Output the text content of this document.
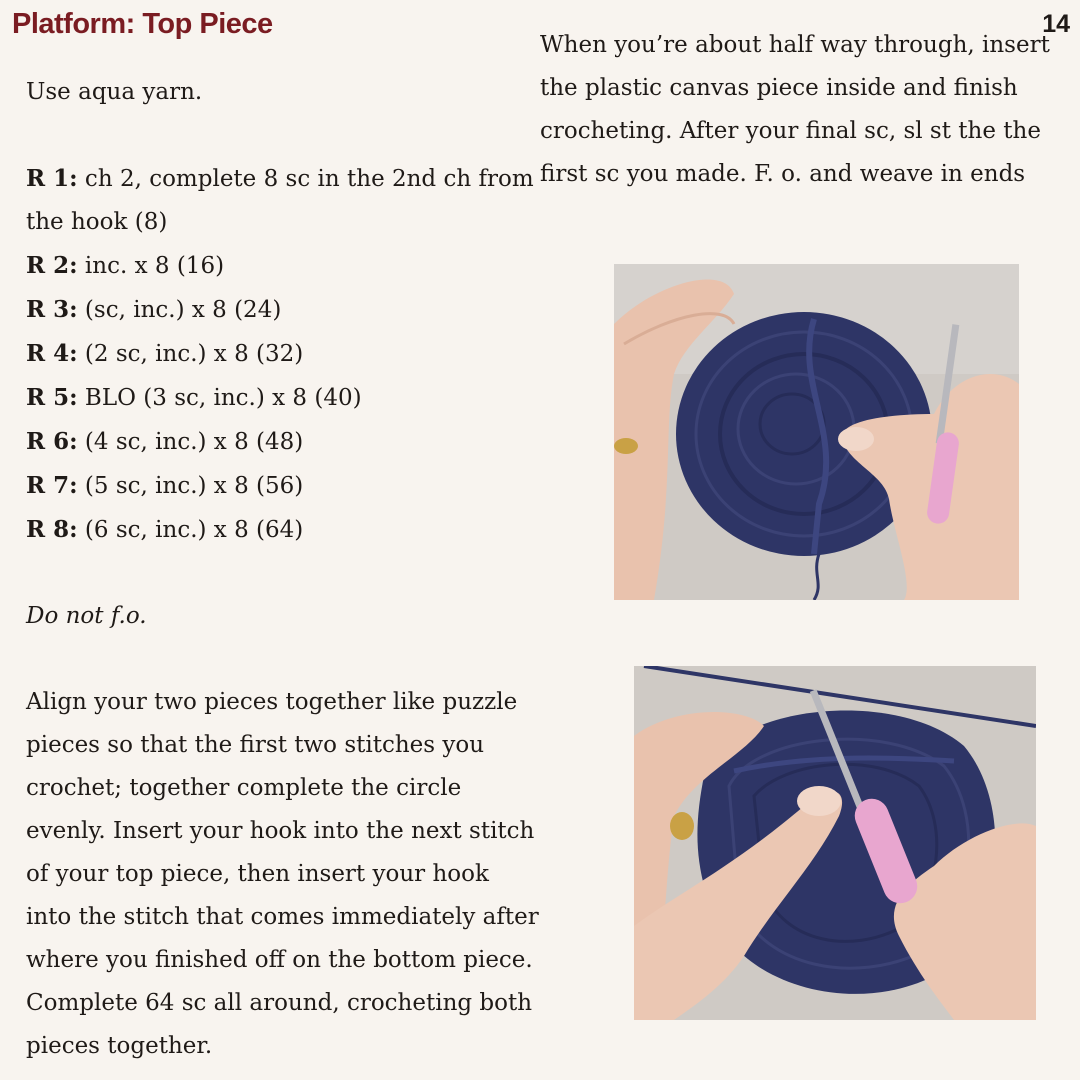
Platform: Top Piece	14

Use aqua yarn.

R 1: ch 2, complete 8 sc in the 2nd ch from the hook (8)

R 2: inc. x 8 (16)

R 3: (sc, inc.) x 8 (24)

R 4: (2 sc, inc.) x 8 (32)

R 5: BLO (3 sc, inc.) x 8 (40)

R 6: (4 sc, inc.) x 8 (48)

R 7: (5 sc, inc.) x 8 (56)

R 8: (6 sc, inc.) x 8 (64)

Do not f.o.

Align your two pieces together like puzzle pieces so that the first two stitches you crochet; together complete the circle evenly. Insert your hook into the next stitch of your top piece, then insert your hook into the stitch that comes immediately after where you finished off on the bottom piece. Complete 64 sc all around, crocheting both pieces together.

When you’re about half way through, insert the plastic canvas piece inside and finish crocheting. After your final sc, sl st the the first sc you made. F. o. and weave in ends
